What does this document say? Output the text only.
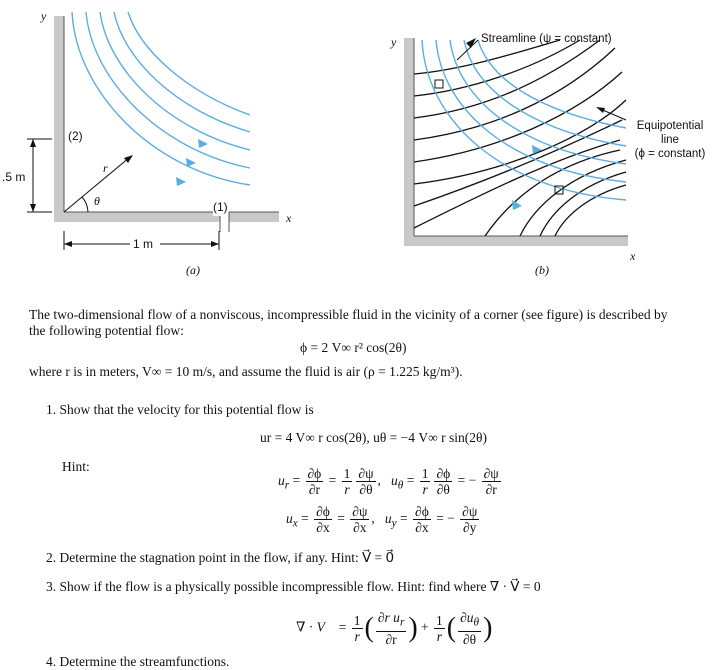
y
(2)
.5 m
r
θ	(1)
x
1 m
(a)
y	Streamline (ψ = constant)
Equipotential
line
(ϕ = constant)
x
(b)
The two-dimensional flow of a nonviscous, incompressible fluid in the vicinity of a corner (see figure) is described by
the following potential flow:
ϕ = 2 V∞ r² cos(2θ)
where r is in meters, V∞ = 10 m/s, and assume the fluid is air (ρ = 1.225 kg/m³).
1. Show that the velocity for this potential flow is
ur = 4 V∞ r cos(2θ), uθ = −4 V∞ r sin(2θ)
Hint:
$u_r = \frac{\partial\phi}{\partial r} = \frac{1}{r} \frac{\partial\psi}{\partial\theta}$ ,   $u_\theta = \frac{1}{r} \frac{\partial\phi}{\partial\theta}$ = − $\frac{\partial\psi}{\partial r}$
$u_x = \frac{\partial\phi}{\partial x} = \frac{\partial\psi}{\partial x}$ ,   $u_y = \frac{\partial\phi}{\partial x}$ = − $\frac{\partial\psi}{\partial y}$
2. Determine the stagnation point in the flow, if any. Hint: V⃗ = 0⃗
3. Show if the flow is a physically possible incompressible flow. Hint: find where ∇ · V⃗ = 0
∇ · V⃗ = $\frac{1}{r}$ ( $\frac{\partial r u_r}{\partial r}$ ) + $\frac{1}{r}$ ( $\frac{\partial u_\theta}{\partial\theta}$ )
4. Determine the streamfunctions.
